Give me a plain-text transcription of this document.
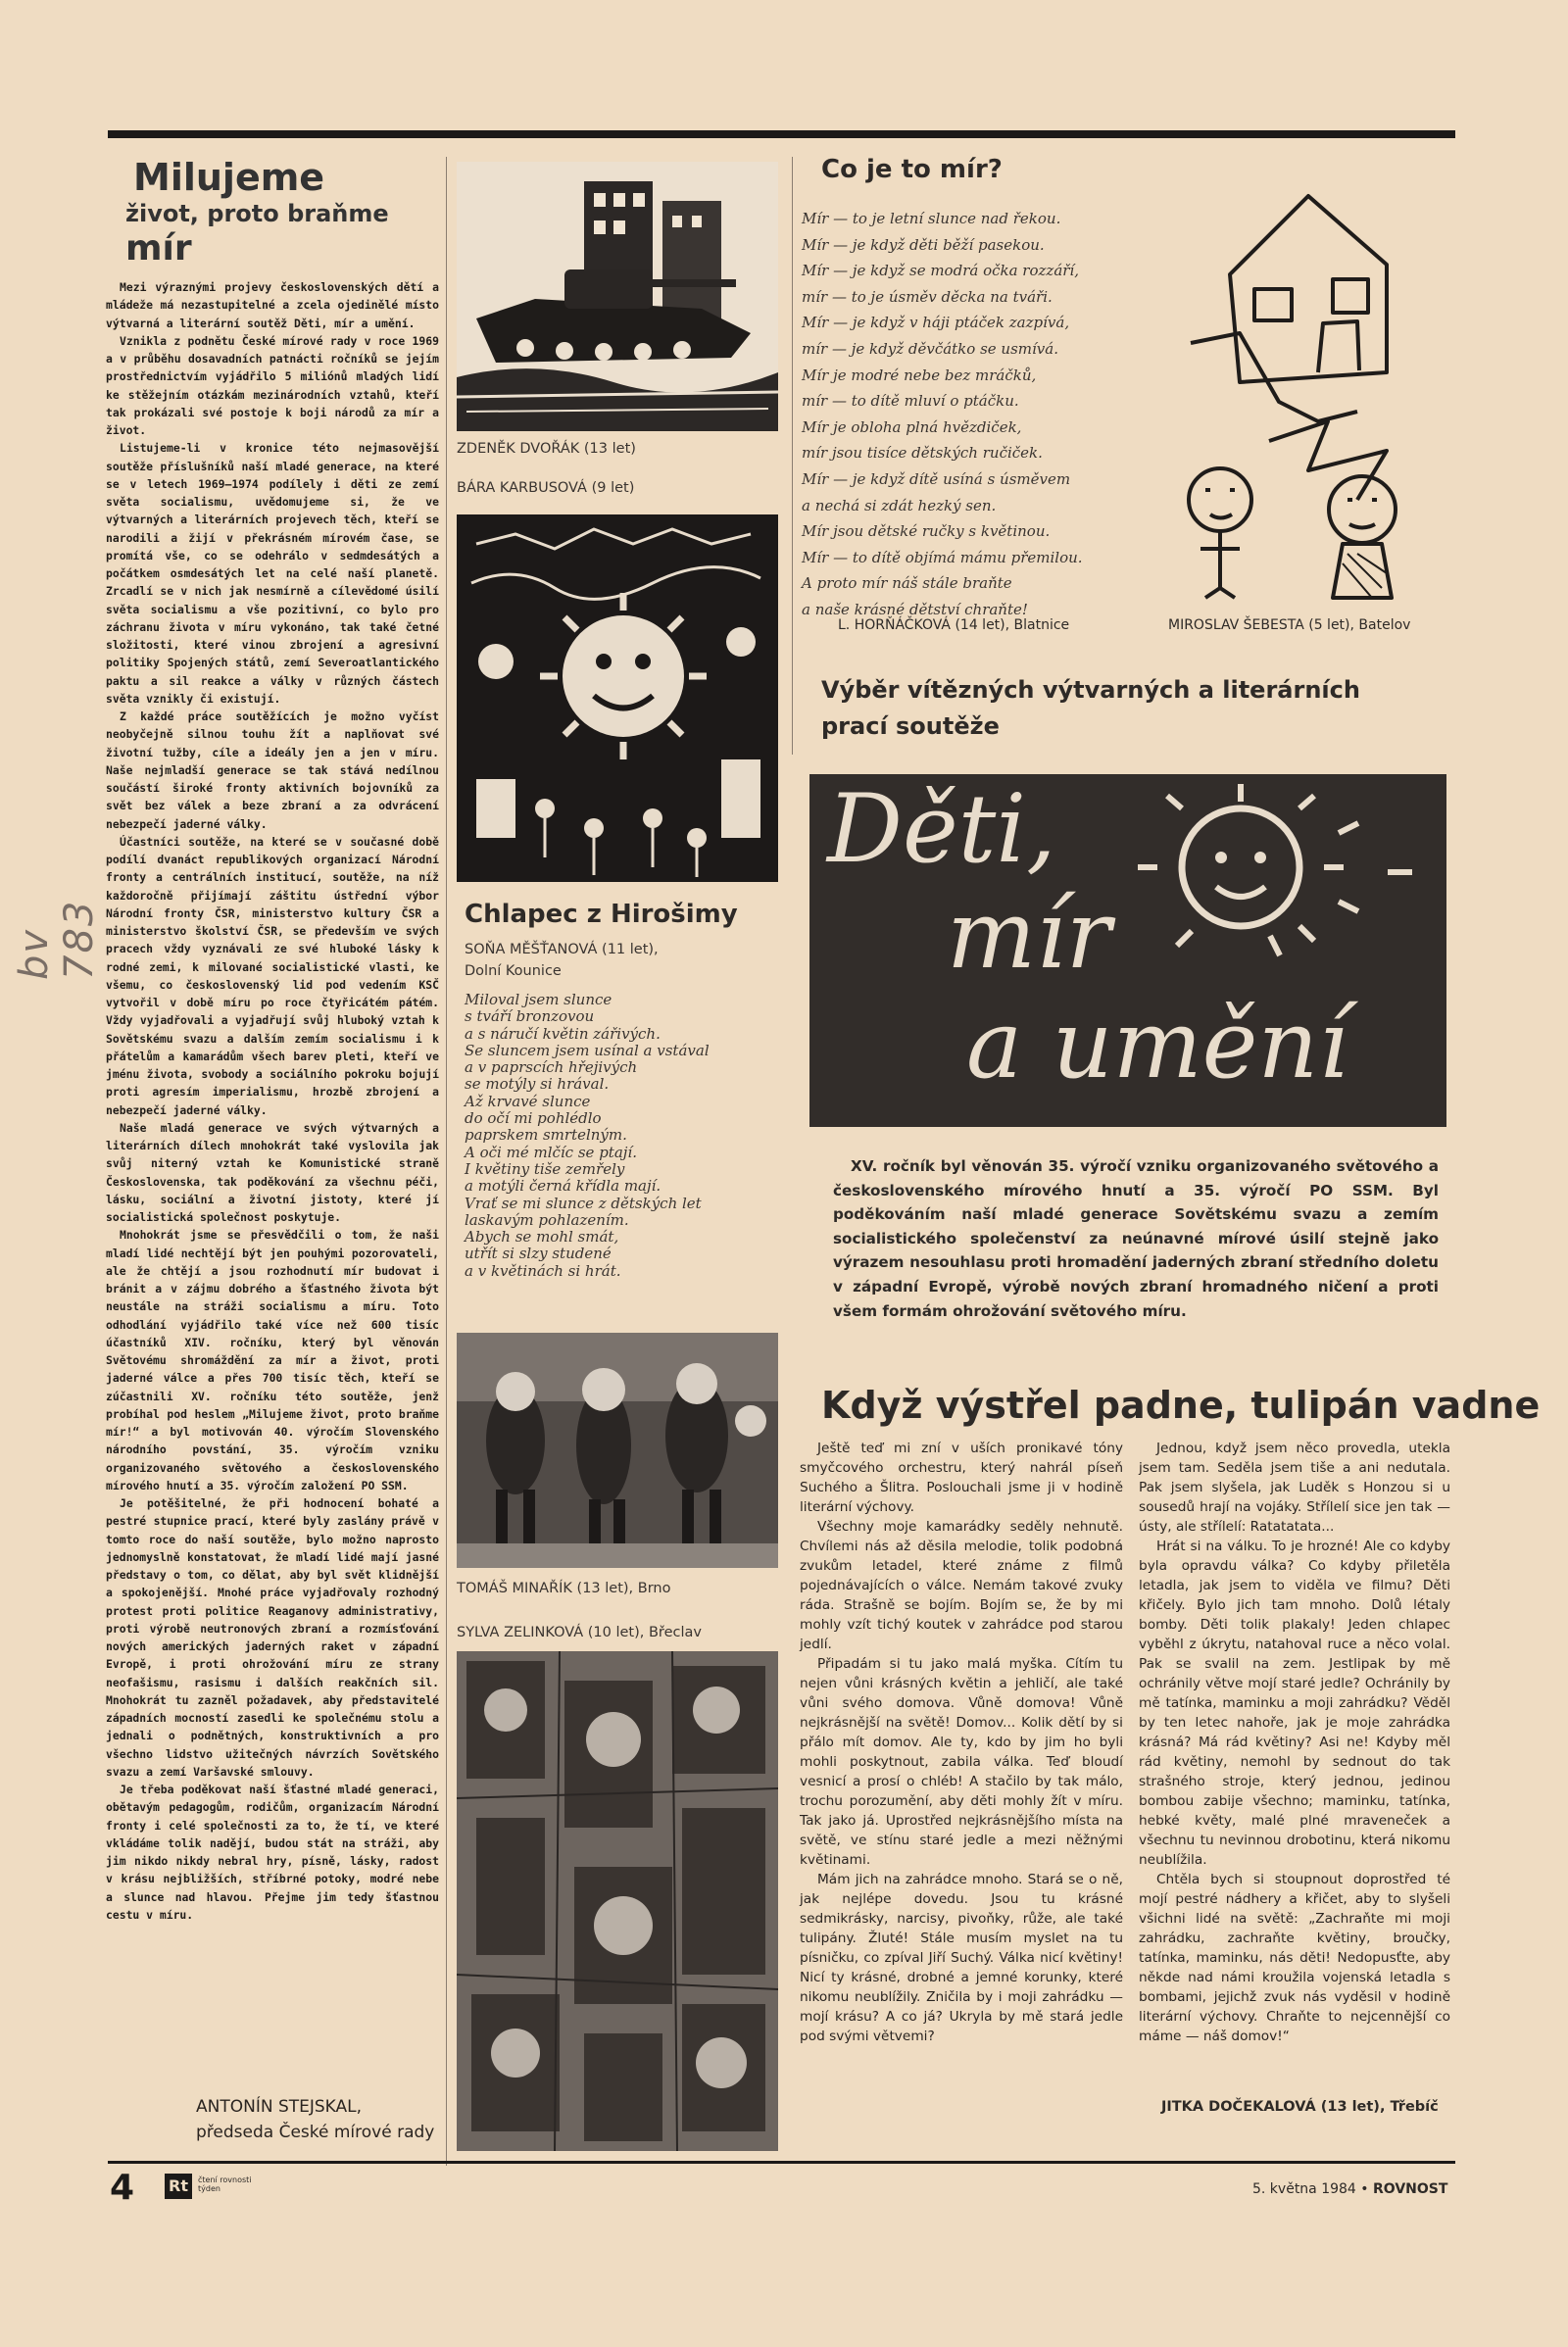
bv 783
Milujeme
život, proto braňme
mír

Mezi výraznými projevy československých dětí a mládeže má nezastupitelné a zcela ojedinělé místo výtvarná a literární soutěž Děti, mír a umění.

Vznikla z podnětu České mírové rady v roce 1969 a v průběhu dosavadních patnácti ročníků se jejím prostřednictvím vyjádřilo 5 miliónů mladých lidí ke stěžejním otázkám mezinárodních vztahů, kteří tak prokázali své postoje k boji národů za mír a život.

Listujeme-li v kronice této nejmasovější soutěže příslušníků naší mladé generace, na které se v letech 1969—1974 podílely i děti ze zemí světa socialismu, uvědomujeme si, že ve výtvarných a literárních projevech těch, kteří se narodili a žijí v překrásném mírovém čase, se promítá vše, co se odehrálo v sedmdesátých a počátkem osmdesátých let na celé naší planetě. Zrcadlí se v nich jak nesmírně a cílevědomé úsilí světa socialismu a vše pozitivní, co bylo pro záchranu života v míru vykonáno, tak také četné složitosti, které vinou zbrojení a agresivní politiky Spojených států, zemí Severoatlantického paktu a sil reakce a války v různých částech světa vznikly či existují.

Z každé práce soutěžících je možno vyčíst neobyčejně silnou touhu žít a naplňovat své životní tužby, cíle a ideály jen a jen v míru. Naše nejmladší generace se tak stává nedílnou součástí široké fronty aktivních bojovníků za svět bez válek a beze zbraní a za odvrácení nebezpečí jaderné války.

Účastníci soutěže, na které se v současné době podílí dvanáct republikových organizací Národní fronty a centrálních institucí, soutěže, na níž každoročně přijímají záštitu ústřední výbor Národní fronty ČSR, ministerstvo kultury ČSR a ministerstvo školství ČSR, se především ve svých pracech vždy vyznávali ze své hluboké lásky k rodné zemi, k milované socialistické vlasti, ke všemu, co československý lid pod vedením KSČ vytvořil v době míru po roce čtyřicátém pátém. Vždy vyjadřovali a vyjadřují svůj hluboký vztah k Sovětskému svazu a dalším zemím socialismu i k přátelům a kamarádům všech barev pleti, kteří ve jménu života, svobody a sociálního pokroku bojují proti agresím imperialismu, hrozbě zbrojení a nebezpečí jaderné války.

Naše mladá generace ve svých výtvarných a literárních dílech mnohokrát také vyslovila jak svůj niterný vztah ke Komunistické straně Československa, tak poděkování za všechnu péči, lásku, sociální a životní jistoty, které jí socialistická společnost poskytuje.

Mnohokrát jsme se přesvědčili o tom, že naši mladí lidé nechtějí být jen pouhými pozorovateli, ale že chtějí a jsou rozhodnutí mír budovat i bránit a v zájmu dobrého a šťastného života být neustále na stráži socialismu a míru. Toto odhodlání vyjádřilo také více než 600 tisíc účastníků XIV. ročníku, který byl věnován Světovému shromáždění za mír a život, proti jaderné válce a přes 700 tisíc těch, kteří se zúčastnili XV. ročníku této soutěže, jenž probíhal pod heslem „Milujeme život, proto braňme mír!“ a byl motivován 40. výročím Slovenského národního povstání, 35. výročím vzniku organizovaného světového a československého mírového hnutí a 35. výročím založení PO SSM.

Je potěšitelné, že při hodnocení bohaté a pestré stupnice prací, které byly zaslány právě v tomto roce do naší soutěže, bylo možno naprosto jednomyslně konstatovat, že mladí lidé mají jasné představy o tom, co dělat, aby byl svět klidnější a spokojenější. Mnohé práce vyjadřovaly rozhodný protest proti politice Reaganovy administrativy, proti výrobě neutronových zbraní a rozmísťování nových amerických jaderných raket v západní Evropě, i proti ohrožování míru ze strany neofašismu, rasismu i dalších reakčních sil. Mnohokrát tu zazněl požadavek, aby představitelé západních mocností zasedli ke společnému stolu a jednali o podnětných, konstruktivních a pro všechno lidstvo užitečných návrzích Sovětského svazu a zemí Varšavské smlouvy.

Je třeba poděkovat naší šťastné mladé generaci, obětavým pedagogům, rodičům, organizacím Národní fronty i celé společnosti za to, že tí, ve které vkládáme tolik nadějí, budou stát na stráži, aby jim nikdo nikdy nebral hry, písně, lásky, radost v krásu nejbližších, stříbrné potoky, modré nebe a slunce nad hlavou. Přejme jim tedy šťastnou cestu v míru.

ANTONÍN STEJSKAL,
předseda České mírové rady
ZDENĚK DVOŘÁK (13 let)
BÁRA KARBUSOVÁ (9 let)
Chlapec z Hirošimy
SOŇA MĚŠŤANOVÁ (11 let),
Dolní Kounice
Miloval jsem slunce
s tváří bronzovou
a s náručí květin zářivých.
Se sluncem jsem usínal a vstával
a v paprscích hřejivých
se motýly si hrával.
Až krvavé slunce
do očí mi pohlédlo
paprskem smrtelným.
A oči mé mlčíc se ptají.
I květiny tiše zemřely
a motýli černá křídla mají.
Vrať se mi slunce z dětských let
laskavým pohlazením.
Abych se mohl smát,
utřít si slzy studené
a v květinách si hrát.
TOMÁŠ MINAŘÍK (13 let), Brno
SYLVA ZELINKOVÁ (10 let), Břeclav
Co je to mír?
Mír — to je letní slunce nad řekou.
Mír — je když děti běží pasekou.
Mír — je když se modrá očka rozzáří,
mír — to je úsměv děcka na tváři.
Mír — je když v háji ptáček zazpívá,
mír — je když děvčátko se usmívá.
Mír je modré nebe bez mráčků,
mír — to dítě mluví o ptáčku.
Mír je obloha plná hvězdiček,
mír jsou tisíce dětských ručiček.
Mír — je když dítě usíná s úsměvem
a nechá si zdát hezký sen.
Mír jsou dětské ručky s květinou.
Mír — to dítě objímá mámu přemilou.
A proto mír náš stále braňte
a naše krásné dětství chraňte!
L. HORŇÁČKOVÁ (14 let), Blatnice	MIROSLAV ŠEBESTA (5 let), Batelov
Výběr vítězných výtvarných a literárních
prací soutěže
Děti,
mír
a umění
XV. ročník byl věnován 35. výročí vzniku organizovaného světového a československého mírového hnutí a 35. výročí PO SSM. Byl poděkováním naší mladé generace Sovětskému svazu a zemím socialistického společenství za neúnavné mírové úsilí stejně jako výrazem nesouhlasu proti hromadění jaderných zbraní středního doletu v západní Evropě, výrobě nových zbraní hromadného ničení a proti všem formám ohrožování světového míru.
Když výstřel padne, tulipán vadne

Ještě teď mi zní v uších pronikavé tóny smyčcového orchestru, který nahrál píseň Suchého a Šlitra. Poslouchali jsme ji v hodině literární výchovy.

Všechny moje kamarádky seděly nehnutě. Chvílemi nás až děsila melodie, tolik podobná zvukům letadel, které známe z filmů pojednávajících o válce. Nemám takové zvuky ráda. Strašně se bojím. Bojím se, že by mi mohly vzít tichý koutek v zahrádce pod starou jedlí.

Připadám si tu jako malá myška. Cítím tu nejen vůni krásných květin a jehličí, ale také vůni svého domova. Vůně domova! Vůně nejkrásnější na světě! Domov... Kolik dětí by si přálo mít domov. Ale ty, kdo by jim ho byli mohli poskytnout, zabila válka. Teď bloudí vesnicí a prosí o chléb! A stačilo by tak málo, trochu porozumění, aby děti mohly žít v míru. Tak jako já. Uprostřed nejkrásnějšího místa na světě, ve stínu staré jedle a mezi něžnými květinami.

Mám jich na zahrádce mnoho. Stará se o ně, jak nejlépe dovedu. Jsou tu krásné sedmikrásky, narcisy, pivoňky, růže, ale také tulipány. Žluté! Stále musím myslet na tu písničku, co zpíval Jiří Suchý. Válka nicí květiny! Nicí ty krásné, drobné a jemné korunky, které nikomu neublížily. Zničila by i moji zahrádku — mojí krásu? A co já? Ukryla by mě stará jedle pod svými větvemi?

Jednou, když jsem něco provedla, utekla jsem tam. Seděla jsem tiše a ani nedutala. Pak jsem slyšela, jak Luděk s Honzou si u sousedů hrají na vojáky. Střílelí sice jen tak — ústy, ale střílelí: Ratatatata...

Hrát si na válku. To je hrozné! Ale co kdyby byla opravdu válka? Co kdyby přiletěla letadla, jak jsem to viděla ve filmu? Děti křičely. Bylo jich tam mnoho. Dolů létaly bomby. Děti tolik plakaly! Jeden chlapec vyběhl z úkrytu, natahoval ruce a něco volal. Pak se svalil na zem. Jestlipak by mě ochránily větve mojí staré jedle? Ochránily by mě tatínka, maminku a moji zahrádku? Věděl by ten letec nahoře, jak je moje zahrádka krásná? Má rád květiny? Asi ne! Kdyby měl rád květiny, nemohl by sednout do tak strašného stroje, který jednou, jedinou bombou zabije všechno; maminku, tatínka, hebké květy, malé plné mraveneček a všechnu tu nevinnou drobotinu, která nikomu neublížila.

Chtěla bych si stoupnout doprostřed té mojí pestré nádhery a křičet, aby to slyšeli všichni lidé na světě: „Zachraňte mi moji zahrádku, zachraňte květiny, broučky, tatínka, maminku, nás děti! Nedopusťte, aby někde nad námi kroužila vojenská letadla s bombami, jejichž zvuk nás vyděsil v hodině literární výchovy. Chraňte to nejcennější co máme — náš domov!“

JITKA DOČEKALOVÁ (13 let), Třebíč
4 Rt	čtení rovnosti týden	5. května 1984 • ROVNOST
